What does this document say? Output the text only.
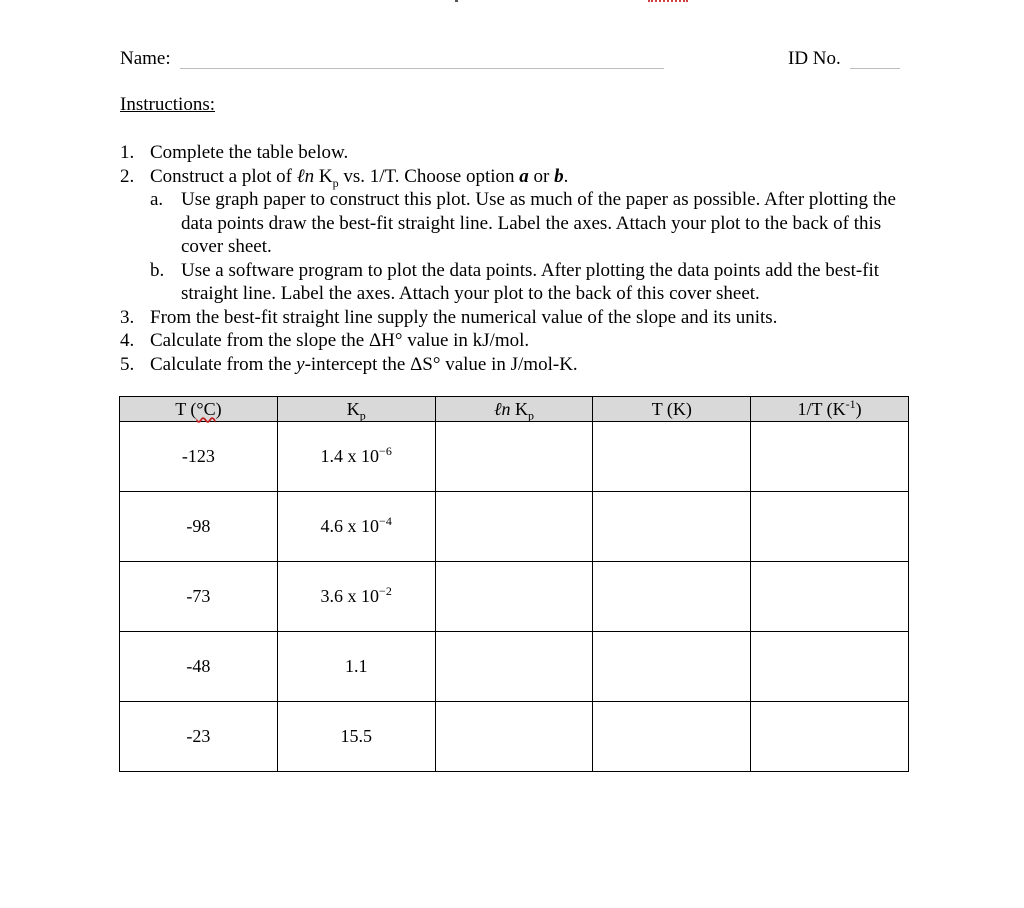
Name:	ID No.
Instructions:
1. Complete the table below.
2. Construct a plot of ℓn $K_p$ vs. 1/T. Choose option a or b.
a. Use graph paper to construct this plot. Use as much of the paper as possible. After plotting the data points draw the best-fit straight line. Label the axes. Attach your plot to the back of this cover sheet.
b. Use a software program to plot the data points. After plotting the data points add the best-fit straight line. Label the axes. Attach your plot to the back of this cover sheet.
3. From the best-fit straight line supply the numerical value of the slope and its units.
4. Calculate from the slope the ΔH° value in kJ/mol.
5. Calculate from the y-intercept the ΔS° value in J/mol-K.
T (°C)	$K_p$	ℓn $K_p$	T (K)	1/T $(K^{-1})$
-123	1.4 x $10^{-6}$			
-98	4.6 x $10^{-4}$			
-73	3.6 x $10^{-2}$			
-48	1.1			
-23	15.5			
